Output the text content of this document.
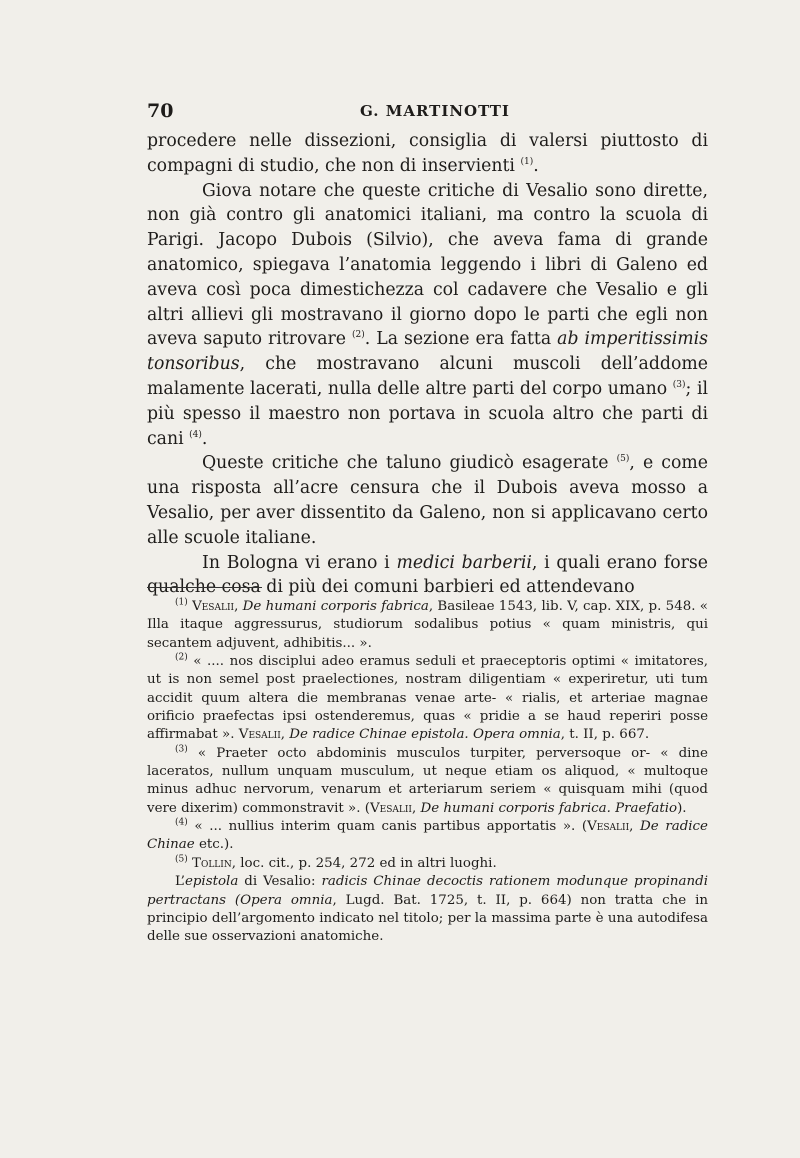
70	G. MARTINOTTI

procedere nelle dissezioni, consiglia di valersi piuttosto di compagni di studio, che non di inservienti $^{(1)}$.

Giova notare che queste critiche di Vesalio sono dirette, non già contro gli anatomici italiani, ma contro la scuola di Parigi. Jacopo Dubois (Silvio), che aveva fama di grande anatomico, spiegava l’anatomia leggendo i libri di Galeno ed aveva così poca dimestichezza col cadavere che Vesalio e gli altri allievi gli mostravano il giorno dopo le parti che egli non aveva saputo ritrovare $^{(2)}$. La sezione era fatta ab imperitissimis tonsoribus, che mostravano alcuni muscoli dell’addome malamente lacerati, nulla delle altre parti del corpo umano $^{(3)}$; il più spesso il maestro non portava in scuola altro che parti di cani $^{(4)}$.

Queste critiche che taluno giudicò esagerate $^{(5)}$, e come una risposta all’acre censura che il Dubois aveva mosso a Vesalio, per aver dissentito da Galeno, non si applicavano certo alle scuole italiane.

In Bologna vi erano i medici barberii, i quali erano forse qualche cosa di più dei comuni barbieri ed attendevano

$^{(1)}$ Vesalii, De humani corporis fabrica, Basileae 1543, lib. V, cap. XIX, p. 548. « Illa itaque aggressurus, studiorum sodalibus potius « quam ministris, qui secantem adjuvent, adhibitis... ».

$^{(2)}$ « .... nos disciplui adeo eramus seduli et praeceptoris optimi « imitatores, ut is non semel post praelectiones, nostram diligentiam « experiretur, uti tum accidit quum altera die membranas venae arte- « rialis, et arteriae magnae orificio praefectas ipsi ostenderemus, quas « pridie a se haud reperiri posse affirmabat ». Vesalii, De radice Chinae epistola. Opera omnia, t. II, p. 667.

$^{(3)}$ « Praeter octo abdominis musculos turpiter, perversoque or- « dine laceratos, nullum unquam musculum, ut neque etiam os aliquod, « multoque minus adhuc nervorum, venarum et arteriarum seriem « quisquam mihi (quod vere dixerim) commonstravit ». (Vesalii, De humani corporis fabrica. Praefatio).

$^{(4)}$ « ... nullius interim quam canis partibus apportatis ». (Vesalii, De radice Chinae etc.).

$^{(5)}$ Tollin, loc. cit., p. 254, 272 ed in altri luoghi.

L’epistola di Vesalio: radicis Chinae decoctis rationem modunque propinandi pertractans (Opera omnia, Lugd. Bat. 1725, t. II, p. 664) non tratta che in principio dell’argomento indicato nel titolo; per la massima parte è una autodifesa delle sue osservazioni anatomiche.
